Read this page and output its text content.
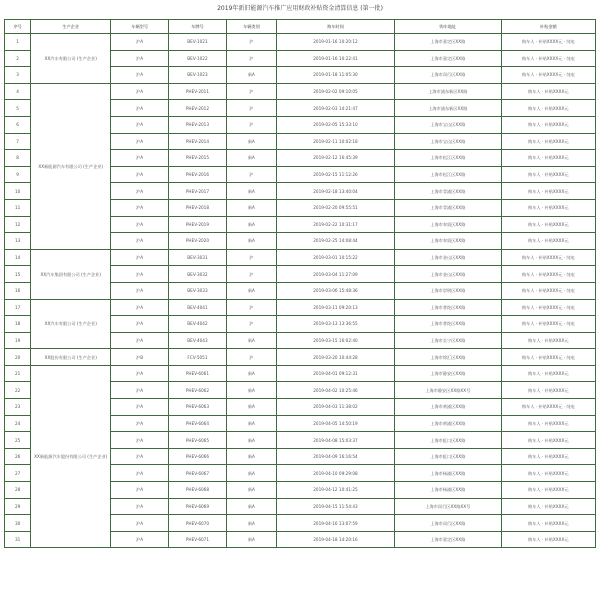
2019年新旧能源汽车推广应用财政补贴资金清算信息 (第一批)
序号	生产企业	车辆型号	车牌号	车辆类别	购车时间	购车地址	补贴金额
1	XX汽车有限公司 (生产企业)	沪A	BEV-1021	沪	2019-01-16 10:20:12	上海市嘉定区XX路	购车人 · 补贴XXXX元 · 纯电
2		沪A	BEV-1022	沪	2019-01-16 10:22:41	上海市嘉定区XX路	购车人 · 补贴XXXX元 · 纯电
3		沪A	BEV-1023	新A	2019-01-18 11:05:30	上海市闵行区XX路	购车人 · 补贴XXXX元 · 纯电
4	XX新能源汽车有限公司 (生产企业)	沪A	PHEV-2011	沪	2019-02-02 09:10:05	上海市浦东新区XX路	购车人 · 补贴XXXX元
5		沪A	PHEV-2012	沪	2019-02-03 14:21:47	上海市浦东新区XX路	购车人 · 补贴XXXX元
6		沪A	PHEV-2013	沪	2019-02-05 15:33:10	上海市宝山区XX路	购车人 · 补贴XXXX元
7		沪A	PHEV-2014	新A	2019-02-11 10:02:18	上海市宝山区XX路	购车人 · 补贴XXXX元
8		沪A	PHEV-2015	新A	2019-02-12 16:45:39	上海市松江区XX路	购车人 · 补贴XXXX元
9		沪A	PHEV-2016	沪	2019-02-15 11:12:26	上海市松江区XX路	购车人 · 补贴XXXX元
10		沪A	PHEV-2017	新A	2019-02-18 13:40:04	上海市青浦区XX路	购车人 · 补贴XXXX元
11		沪A	PHEV-2018	新A	2019-02-20 09:55:51	上海市青浦区XX路	购车人 · 补贴XXXX元
12		沪A	PHEV-2019	新A	2019-02-22 10:31:17	上海市奉贤区XX路	购车人 · 补贴XXXX元
13		沪A	PHEV-2020	新A	2019-02-25 14:08:44	上海市奉贤区XX路	购车人 · 补贴XXXX元
14	XX汽车集团有限公司 (生产企业)	沪A	BEV-3031	沪	2019-03-01 10:15:22	上海市金山区XX路	购车人 · 补贴XXXX元 · 纯电
15		沪A	BEV-3032	沪	2019-03-04 11:27:09	上海市金山区XX路	购车人 · 补贴XXXX元 · 纯电
16		沪A	BEV-3033	新A	2019-03-06 15:48:36	上海市崇明区XX路	购车人 · 补贴XXXX元 · 纯电
17	XX汽车有限公司 (生产企业)	沪A	BEV-4041	沪	2019-03-11 09:20:13	上海市普陀区XX路	购车人 · 补贴XXXX元 · 纯电
18		沪A	BEV-4042	沪	2019-03-13 13:36:55	上海市普陀区XX路	购车人 · 补贴XXXX元 · 纯电
19		沪A	BEV-4043	新A	2019-03-15 16:02:40	上海市长宁区XX路	购车人 · 补贴XXXX元
20	XX股份有限公司 (生产企业)	沪B	FCV-5051	沪	2019-03-20 10:44:28	上海市徐汇区XX路	购车人 · 补贴XXXX元 · 纯电
21	XX新能源汽车股份有限公司 (生产企业)	沪A	PHEV-6061	新A	2019-04-01 09:12:31	上海市静安区XX路	购车人 · 补贴XXXX元
22		沪A	PHEV-6062	新A	2019-04-02 10:25:46	上海市静安区XX路XX号	购车人 · 补贴XXXX元
23		沪A	PHEV-6063	新A	2019-04-03 11:38:02	上海市黄浦区XX路	购车人 · 补贴XXXX元 · 纯电
24		沪A	PHEV-6064	新A	2019-04-05 14:50:19	上海市黄浦区XX路	购车人 · 补贴XXXX元
25		沪A	PHEV-6065	新A	2019-04-08 15:03:37	上海市虹口区XX路	购车人 · 补贴XXXX元
26		沪A	PHEV-6066	新A	2019-04-09 16:16:54	上海市虹口区XX路	购车人 · 补贴XXXX元
27		沪A	PHEV-6067	新A	2019-04-10 09:29:08	上海市杨浦区XX路	购车人 · 补贴XXXX元
28		沪A	PHEV-6068	新A	2019-04-12 10:41:25	上海市杨浦区XX路	购车人 · 补贴XXXX元
29		沪A	PHEV-6069	新A	2019-04-15 11:54:43	上海市闵行区XX路XX号	购车人 · 补贴XXXX元
30		沪A	PHEV-6070	新A	2019-04-16 13:07:59	上海市闵行区XX路	购车人 · 补贴XXXX元
31		沪A	PHEV-6071	新A	2019-04-18 14:20:16	上海市嘉定区XX路	购车人 · 补贴XXXX元
